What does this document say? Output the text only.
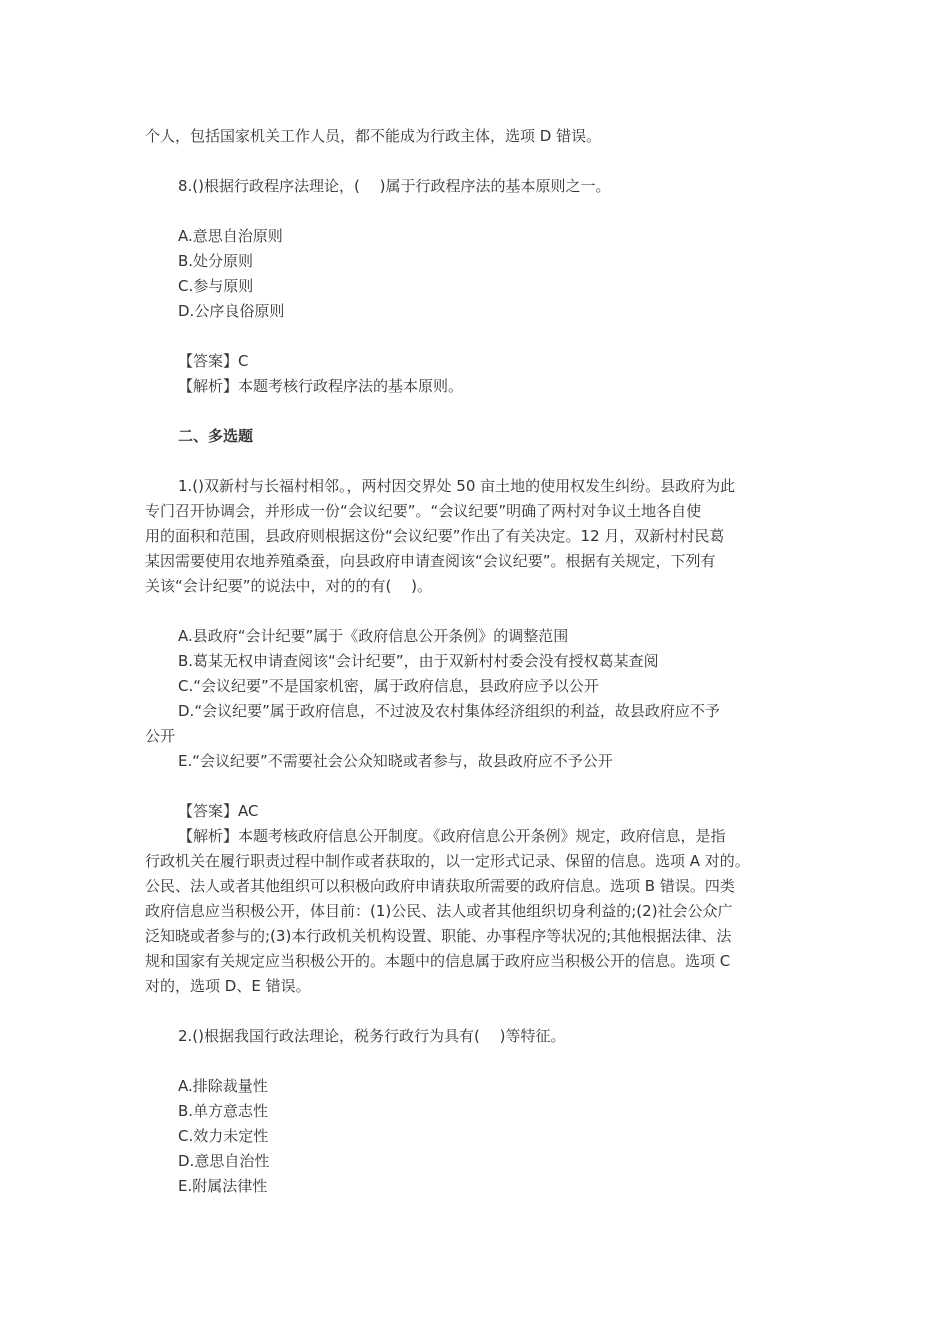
个人，包括国家机关工作人员，都不能成为行政主体，选项 D 错误。
8.()根据行政程序法理论，(　 )属于行政程序法的基本原则之一。
A.意思自治原则
B.处分原则
C.参与原则
D.公序良俗原则
【答案】C
【解析】本题考核行政程序法的基本原则。
二、多选题
1.()双新村与长福村相邻。，两村因交界处 50 亩土地的使用权发生纠纷。县政府为此
专门召开协调会，并形成一份“会议纪要”。“会议纪要”明确了两村对争议土地各自使
用的面积和范围，县政府则根据这份“会议纪要”作出了有关决定。12 月，双新村村民葛
某因需要使用农地养殖桑蚕，向县政府申请查阅该“会议纪要”。根据有关规定，下列有
关该“会计纪要”的说法中，对的的有(　 )。
A.县政府“会计纪要”属于《政府信息公开条例》的调整范围
B.葛某无权申请查阅该“会计纪要”，由于双新村村委会没有授权葛某查阅
C.“会议纪要”不是国家机密，属于政府信息，县政府应予以公开
D.“会议纪要”属于政府信息，不过波及农村集体经济组织的利益，故县政府应不予
公开
E.“会议纪要”不需要社会公众知晓或者参与，故县政府应不予公开
【答案】AC
【解析】本题考核政府信息公开制度。《政府信息公开条例》规定，政府信息，是指
行政机关在履行职责过程中制作或者获取的，以一定形式记录、保留的信息。选项 A 对的。
公民、法人或者其他组织可以积极向政府申请获取所需要的政府信息。选项 B 错误。四类
政府信息应当积极公开，体目前：(1)公民、法人或者其他组织切身利益的;(2)社会公众广
泛知晓或者参与的;(3)本行政机关机构设置、职能、办事程序等状况的;其他根据法律、法
规和国家有关规定应当积极公开的。本题中的信息属于政府应当积极公开的信息。选项 C
对的，选项 D、E 错误。
2.()根据我国行政法理论，税务行政行为具有(　 )等特征。
A.排除裁量性
B.单方意志性
C.效力未定性
D.意思自治性
E.附属法律性
